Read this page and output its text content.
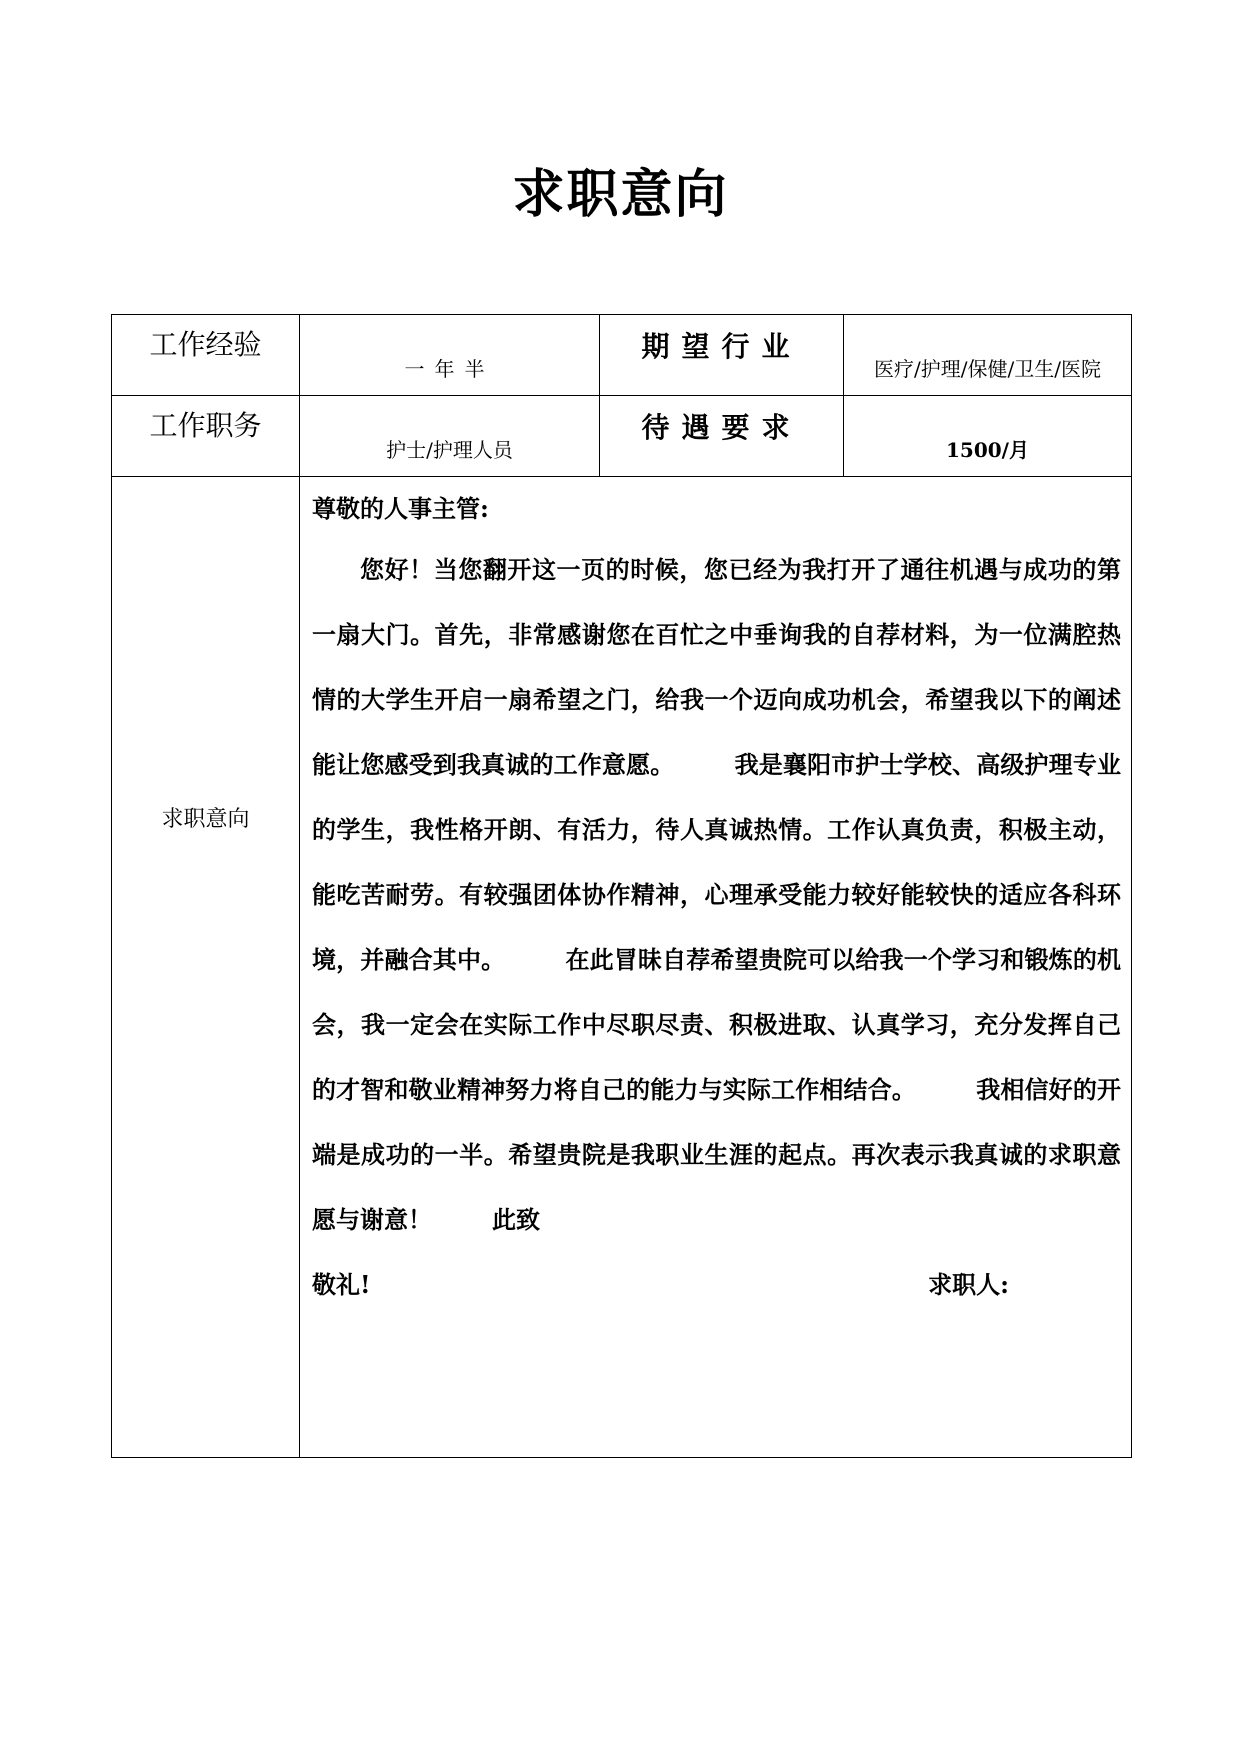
求职意向
工作经验	一年半	期望行业	医疗/护理/保健/卫生/医院
工作职务	护士/护理人员	待遇要求	1500/月
求职意向	尊敬的人事主管:

您好！当您翻开这一页的时候，您已经为我打开了通往机遇与成功的第一扇大门。首先，非常感谢您在百忙之中垂询我的自荐材料，为一位满腔热情的大学生开启一扇希望之门，给我一个迈向成功机会，希望我以下的阐述能让您感受到我真诚的工作意愿。 我是襄阳市护士学校、高级护理专业的学生，我性格开朗、有活力，待人真诚热情。工作认真负责，积极主动，能吃苦耐劳。有较强团体协作精神，心理承受能力较好能较快的适应各科环境，并融合其中。 在此冒昧自荐希望贵院可以给我一个学习和锻炼的机会，我一定会在实际工作中尽职尽责、积极进取、认真学习，充分发挥自己的才智和敬业精神努力将自己的能力与实际工作相结合。 我相信好的开端是成功的一半。希望贵院是我职业生涯的起点。再次表示我真诚的求职意愿与谢意！ 此致

敬礼! 求职人:		
